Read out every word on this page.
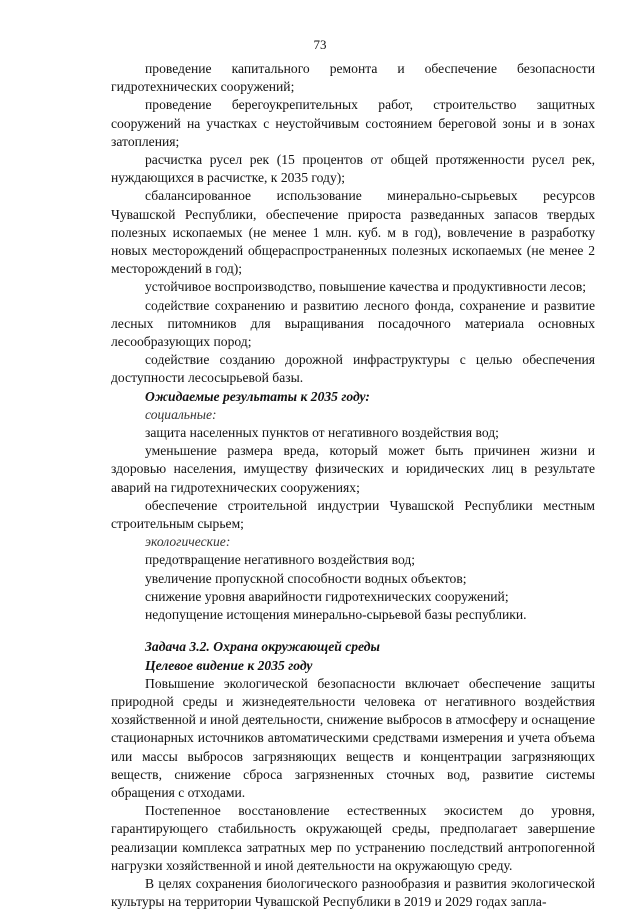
73

проведение капитального ремонта и обеспечение безопасности гидротехнических сооружений;

проведение берегоукрепительных работ, строительство защитных сооружений на участках с неустойчивым состоянием береговой зоны и в зонах затопления;

расчистка русел рек (15 процентов от общей протяженности русел рек, нуждающихся в расчистке, к 2035 году);

сбалансированное использование минерально-сырьевых ресурсов Чувашской Республики, обеспечение прироста разведанных запасов твердых полезных ископаемых (не менее 1 млн. куб. м в год), вовлечение в разработку новых месторождений общераспространенных полезных ископаемых (не менее 2 месторождений в год);

устойчивое воспроизводство, повышение качества и продуктивности лесов;

содействие сохранению и развитию лесного фонда, сохранение и развитие лесных питомников для выращивания посадочного материала основных лесообразующих пород;

содействие созданию дорожной инфраструктуры с целью обеспечения доступности лесосырьевой базы.

Ожидаемые результаты к 2035 году:

социальные:

защита населенных пунктов от негативного воздействия вод;

уменьшение размера вреда, который может быть причинен жизни и здоровью населения, имуществу физических и юридических лиц в результате аварий на гидротехнических сооружениях;

обеспечение строительной индустрии Чувашской Республики местным строительным сырьем;

экологические:

предотвращение негативного воздействия вод;

увеличение пропускной способности водных объектов;

снижение уровня аварийности гидротехнических сооружений;

недопущение истощения минерально-сырьевой базы республики.

Задача 3.2. Охрана окружающей среды

Целевое видение к 2035 году

Повышение экологической безопасности включает обеспечение защиты природной среды и жизнедеятельности человека от негативного воздействия хозяйственной и иной деятельности, снижение выбросов в атмосферу и оснащение стационарных источников автоматическими средствами измерения и учета объема или массы выбросов загрязняющих веществ и концентрации загрязняющих веществ, снижение сброса загрязненных сточных вод, развитие системы обращения с отходами.

Постепенное восстановление естественных экосистем до уровня, гарантирующего стабильность окружающей среды, предполагает завершение реализации комплекса затратных мер по устранению последствий антропогенной нагрузки хозяйственной и иной деятельности на окружающую среду.

В целях сохранения биологического разнообразия и развития экологической культуры на территории Чувашской Республики в 2019 и 2029 годах запла-
